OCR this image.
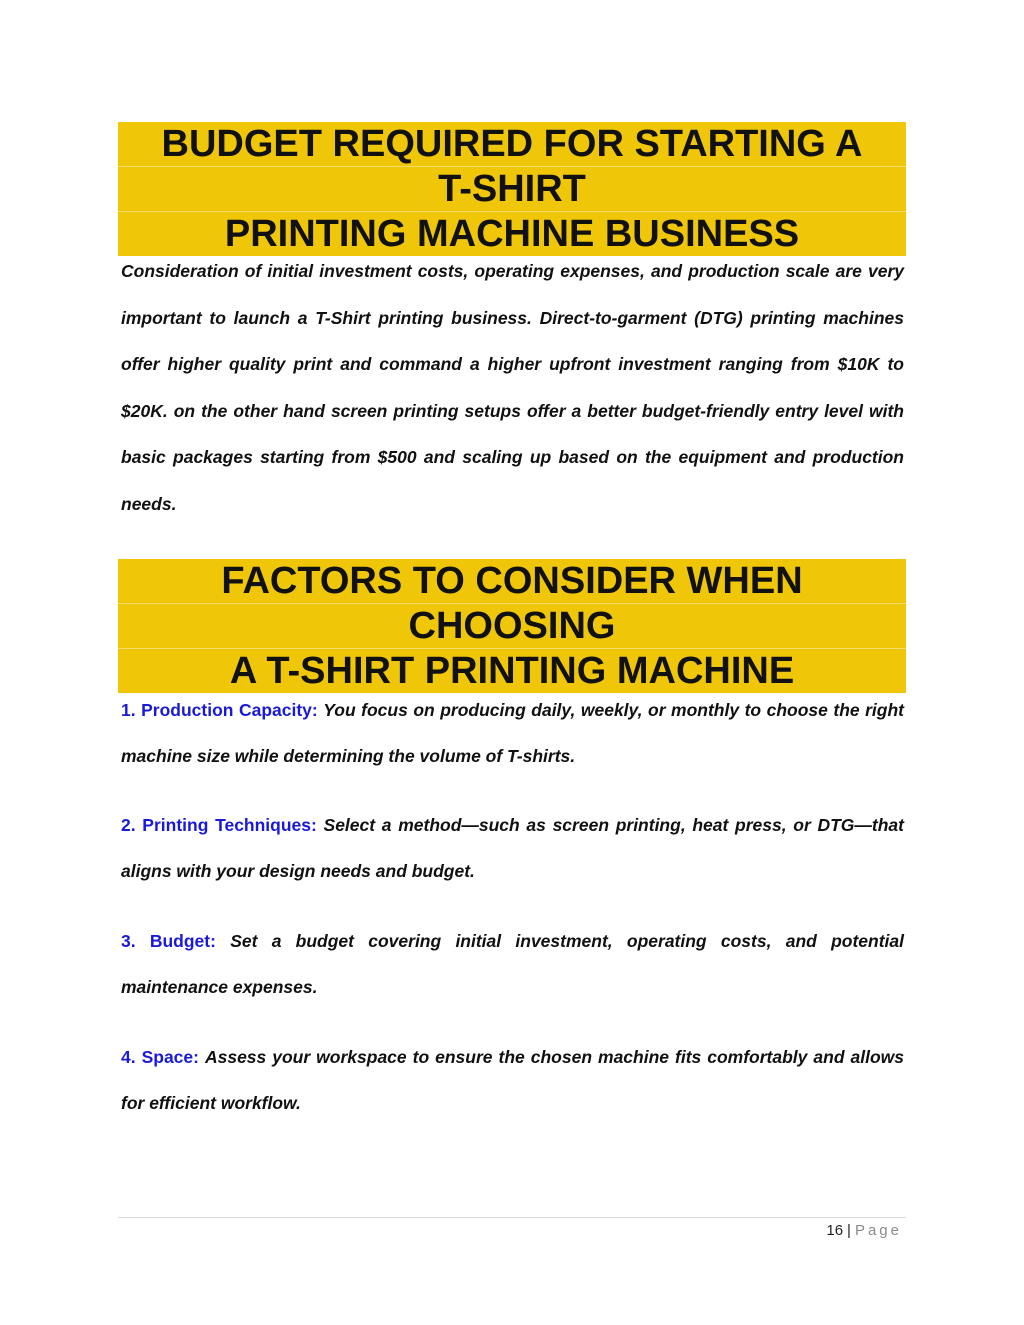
BUDGET REQUIRED FOR STARTING A
T-SHIRT
PRINTING MACHINE BUSINESS

Consideration of initial investment costs, operating expenses, and production scale are very important to launch a T-Shirt printing business. Direct-to-garment (DTG) printing machines offer higher quality print and command a higher upfront investment ranging from $10K to $20K. on the other hand screen printing setups offer a better budget-friendly entry level with basic packages starting from $500 and scaling up based on the equipment and production needs.

FACTORS TO CONSIDER WHEN
CHOOSING
A T-SHIRT PRINTING MACHINE

1. Production Capacity: You focus on producing daily, weekly, or monthly to choose the right machine size while determining the volume of T-shirts.

2. Printing Techniques: Select a method—such as screen printing, heat press, or DTG—that aligns with your design needs and budget.

3. Budget: Set a budget covering initial investment, operating costs, and potential maintenance expenses.

4. Space: Assess your workspace to ensure the chosen machine fits comfortably and allows for efficient workflow.

16 | Page
